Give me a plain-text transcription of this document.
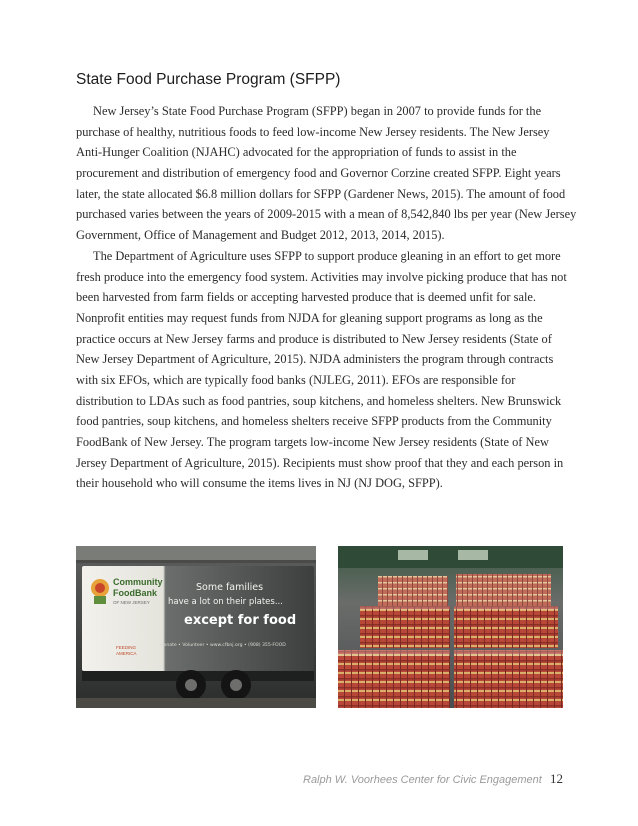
State Food Purchase Program (SFPP)
New Jersey’s State Food Purchase Program (SFPP) began in 2007 to provide funds for the
purchase of healthy, nutritious foods to feed low-income New Jersey residents. The New Jersey
Anti-Hunger Coalition (NJAHC) advocated for the appropriation of funds to assist in the
procurement and distribution of emergency food and Governor Corzine created SFPP. Eight years
later, the state allocated $6.8 million dollars for SFPP (Gardener News, 2015). The amount of food
purchased varies between the years of 2009-2015 with a mean of 8,542,840 lbs per year (New Jersey
Government, Office of Management and Budget 2012, 2013, 2014, 2015).
The Department of Agriculture uses SFPP to support produce gleaning in an effort to get more
fresh produce into the emergency food system. Activities may involve picking produce that has not
been harvested from farm fields or accepting harvested produce that is deemed unfit for sale.
Nonprofit entities may request funds from NJDA for gleaning support programs as long as the
practice occurs at New Jersey farms and produce is distributed to New Jersey residents (State of
New Jersey Department of Agriculture, 2015). NJDA administers the program through contracts
with six EFOs, which are typically food banks (NJLEG, 2011). EFOs are responsible for
distribution to LDAs such as food pantries, soup kitchens, and homeless shelters. New Brunswick
food pantries, soup kitchens, and homeless shelters receive SFPP products from the Community
FoodBank of New Jersey. The program targets low-income New Jersey residents (State of New
Jersey Department of Agriculture, 2015). Recipients must show proof that they and each person in
their household who will consume the items lives in NJ (NJ DOG, SFPP).
Community
FoodBank
OF NEW JERSEY
FEEDING
AMERICA
Some families
have a lot on their plates...
except for food
Donate • Volunteer • www.cfbnj.org • (908) 355-FOOD
Ralph W. Voorhees Center for Civic Engagement 12
